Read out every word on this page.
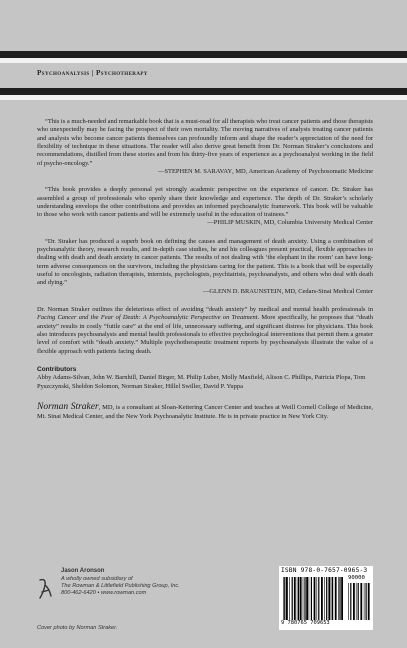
Psychoanalysis | Psychotherapy

“This is a much-needed and remarkable book that is a must-read for all therapists who treat cancer patients and those therapists who unexpectedly may be facing the prospect of their own mortality. The moving narratives of analysts treating cancer patients and analysts who become cancer patients themselves can profoundly inform and shape the reader’s appreciation of the need for flexibility of technique in these situations. The reader will also derive great benefit from Dr. Norman Straker’s conclusions and recommendations, distilled from these stories and from his thirty-five years of experience as a psychoanalyst working in the field of psycho-oncology.”

—STEPHEN M. SARAVAY, MD, American Academy of Psychosomatic Medicine

“This book provides a deeply personal yet strongly academic perspective on the experience of cancer. Dr. Straker has assembled a group of professionals who openly share their knowledge and experience. The depth of Dr. Straker’s scholarly understanding envelops the other contributions and provides an informed psychoanalytic framework. This book will be valuable to those who work with cancer patients and will be extremely useful in the education of trainees.”

—PHILIP MUSKIN, MD, Columbia University Medical Center

“Dr. Straker has produced a superb book on defining the causes and management of death anxiety. Using a combination of psychoanalytic theory, research results, and in-depth case studies, he and his colleagues present practical, flexible approaches to dealing with death and death anxiety in cancer patients. The results of not dealing with ‘the elephant in the room’ can have long-term adverse consequences on the survivors, including the physicians caring for the patient. This is a book that will be especially useful to oncologists, radiation therapists, internists, psychologists, psychiatrists, psychoanalysts, and others who deal with death and dying.”

—GLENN D. BRAUNSTEIN, MD, Cedars-Sinai Medical Center

Dr. Norman Straker outlines the deleterious effect of avoiding “death anxiety” by medical and mental health professionals in Facing Cancer and the Fear of Death: A Psychoanalytic Perspective on Treatment. More specifically, he proposes that “death anxiety” results in costly “futile care” at the end of life, unnecessary suffering, and significant distress for physicians. This book also introduces psychoanalysts and mental health professionals to effective psychological interventions that permit them a greater level of comfort with “death anxiety.” Multiple psychotherapeutic treatment reports by psychoanalysts illustrate the value of a flexible approach with patients facing death.

Contributors
Abby Adams-Silvan, John W. Barnhill, Daniel Birger, M. Philip Luber, Molly Maxfield, Alison C. Phillips, Patricia Plopa, Tom Pyszczynski, Sheldon Solomon, Norman Straker, Hillel Swiller, David P. Yuppa
Norman Straker, MD, is a consultant at Sloan-Kettering Cancer Center and teaches at Weill Cornell College of Medicine, Mt. Sinai Medical Center, and the New York Psychoanalytic Institute. He is in private practice in New York City.
Jason Aronson
A wholly owned subsidiary of
The Rowman & Littlefield Publishing Group, Inc.
800-462-6420 • www.rowman.com
Cover photo by Norman Straker.
ISBN 978-0-7657-0965-3
90000
9 780765 709653
